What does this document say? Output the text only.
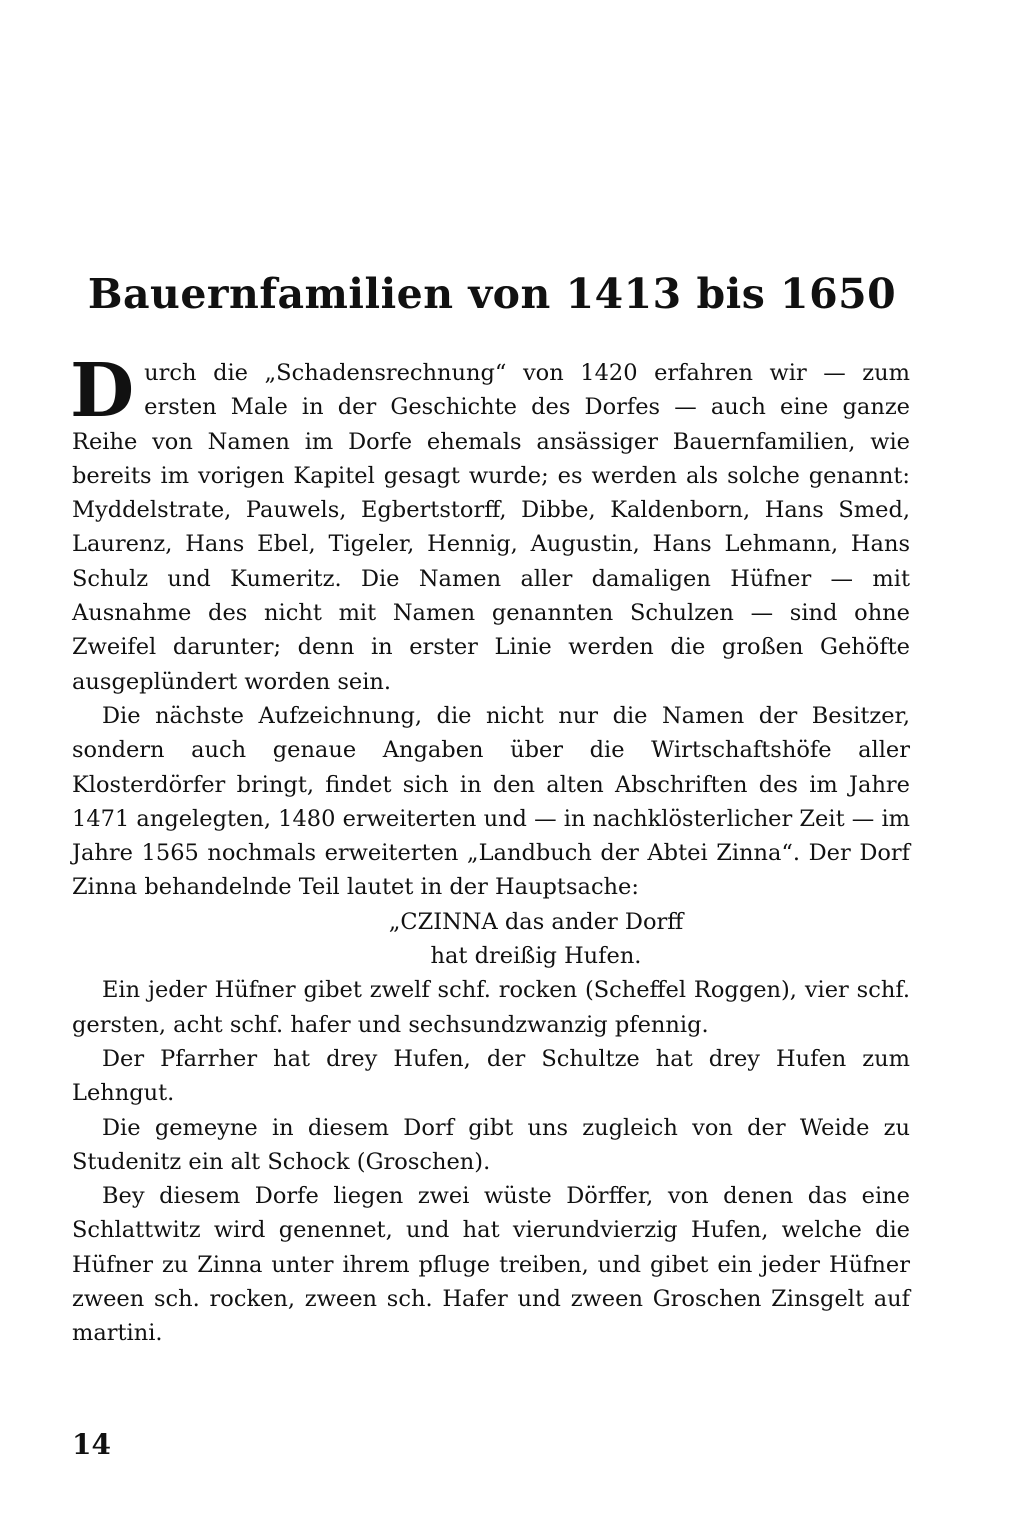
Bauernfamilien von 1413 bis 1650

Durch die „Schadensrechnung“ von 1420 erfahren wir — zum ersten Male in der Geschichte des Dorfes — auch eine ganze Reihe von Namen im Dorfe ehemals ansässiger Bauernfamilien, wie bereits im vorigen Kapitel gesagt wurde; es werden als solche genannt: Myddelstrate, Pauwels, Egbertstorff, Dibbe, Kaldenborn, Hans Smed, Laurenz, Hans Ebel, Tigeler, Hennig, Augustin, Hans Lehmann, Hans Schulz und Kumeritz. Die Namen aller damaligen Hüfner — mit Ausnahme des nicht mit Namen genannten Schulzen — sind ohne Zweifel darunter; denn in erster Linie werden die großen Gehöfte ausgeplündert worden sein.

Die nächste Aufzeichnung, die nicht nur die Namen der Besitzer, sondern auch genaue Angaben über die Wirtschaftshöfe aller Klosterdörfer bringt, findet sich in den alten Abschriften des im Jahre 1471 angelegten, 1480 erweiterten und — in nachklösterlicher Zeit — im Jahre 1565 nochmals erweiterten „Landbuch der Abtei Zinna“. Der Dorf Zinna behandelnde Teil lautet in der Hauptsache:

„CZINNA das ander Dorff

hat dreißig Hufen.

Ein jeder Hüfner gibet zwelf schf. rocken (Scheffel Roggen), vier schf. gersten, acht schf. hafer und sechsundzwanzig pfennig.

Der Pfarrher hat drey Hufen, der Schultze hat drey Hufen zum Lehngut.

Die gemeyne in diesem Dorf gibt uns zugleich von der Weide zu Studenitz ein alt Schock (Groschen).

Bey diesem Dorfe liegen zwei wüste Dörffer, von denen das eine Schlattwitz wird genennet, und hat vierundvierzig Hufen, welche die Hüfner zu Zinna unter ihrem pfluge treiben, und gibet ein jeder Hüfner zween sch. rocken, zween sch. Hafer und zween Groschen Zinsgelt auf martini.

14
